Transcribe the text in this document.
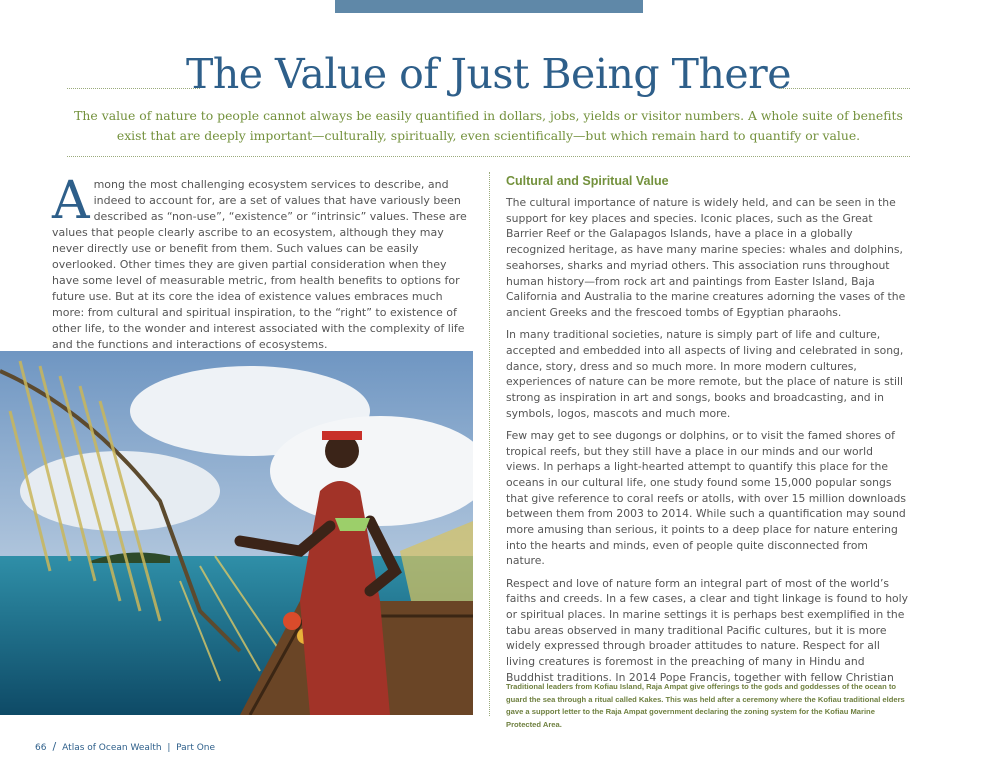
The Value of Just Being There
The value of nature to people cannot always be easily quantified in dollars, jobs, yields or visitor numbers. A whole suite of benefits exist that are deeply important—culturally, spiritually, even scientifically—but which remain hard to quantify or value.
Among the most challenging ecosystem services to describe, and indeed to account for, are a set of values that have variously been described as “non-use”, “existence” or “intrinsic” values. These are values that people clearly ascribe to an ecosystem, although they may never directly use or benefit from them. Such values can be easily overlooked. Other times they are given partial consideration when they have some level of measurable metric, from health benefits to options for future use. But at its core the idea of existence values embraces much more: from cultural and spiritual inspiration, to the “right” to existence of other life, to the wonder and interest associated with the complexity of life and the functions and interactions of ecosystems.
Cultural and Spiritual Value

The cultural importance of nature is widely held, and can be seen in the support for key places and species. Iconic places, such as the Great Barrier Reef or the Galapagos Islands, have a place in a globally recognized heritage, as have many marine species: whales and dolphins, seahorses, sharks and myriad others. This association runs throughout human history—from rock art and paintings from Easter Island, Baja California and Australia to the marine creatures adorning the vases of the ancient Greeks and the frescoed tombs of Egyptian pharaohs.

In many traditional societies, nature is simply part of life and culture, accepted and embedded into all aspects of living and celebrated in song, dance, story, dress and so much more. In more modern cultures, experiences of nature can be more remote, but the place of nature is still strong as inspiration in art and songs, books and broadcasting, and in symbols, logos, mascots and much more.

Few may get to see dugongs or dolphins, or to visit the famed shores of tropical reefs, but they still have a place in our minds and our world views. In perhaps a light-hearted attempt to quantify this place for the oceans in our cultural life, one study found some 15,000 popular songs that give reference to coral reefs or atolls, with over 15 million downloads between them from 2003 to 2014. While such a quantification may sound more amusing than serious, it points to a deep place for nature entering into the hearts and minds, even of people quite disconnected from nature.

Respect and love of nature form an integral part of most of the world’s faiths and creeds. In a few cases, a clear and tight linkage is found to holy or spiritual places. In marine settings it is perhaps best exemplified in the tabu areas observed in many traditional Pacific cultures, but it is more widely expressed through broader attitudes to nature. Respect for all living creatures is foremost in the preaching of many in Hindu and Buddhist traditions. In 2014 Pope Francis, together with fellow Christian

Traditional leaders from Kofiau Island, Raja Ampat give offerings to the gods and goddesses of the ocean to guard the sea through a ritual called Kakes. This was held after a ceremony where the Kofiau traditional elders gave a support letter to the Raja Ampat government declaring the zoning system for the Kofiau Marine Protected Area.
66 / Atlas of Ocean Wealth  |  Part One
